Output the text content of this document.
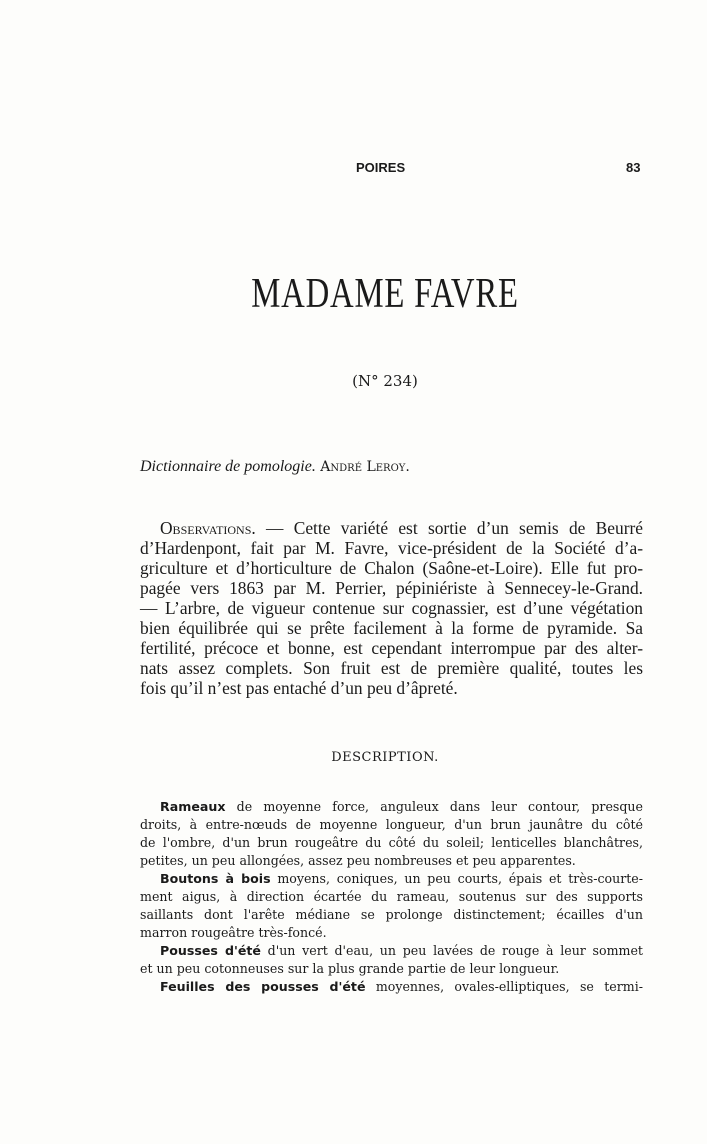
POIRES	83
MADAME FAVRE
(N° 234)
Dictionnaire de pomologie. André Leroy.
Observations. — Cette variété est sortie d’un semis de Beurré
d’Hardenpont, fait par M. Favre, vice-président de la Société d’a-
griculture et d’horticulture de Chalon (Saône-et-Loire). Elle fut pro-
pagée vers 1863 par M. Perrier, pépiniériste à Sennecey-le-Grand.
— L’arbre, de vigueur contenue sur cognassier, est d’une végétation
bien équilibrée qui se prête facilement à la forme de pyramide. Sa
fertilité, précoce et bonne, est cependant interrompue par des alter-
nats assez complets. Son fruit est de première qualité, toutes les
fois qu’il n’est pas entaché d’un peu d’âpreté.
DESCRIPTION.
Rameaux de moyenne force, anguleux dans leur contour, presque
droits, à entre-nœuds de moyenne longueur, d'un brun jaunâtre du côté
de l'ombre, d'un brun rougeâtre du côté du soleil; lenticelles blanchâtres,
petites, un peu allongées, assez peu nombreuses et peu apparentes.
Boutons à bois moyens, coniques, un peu courts, épais et très-courte-
ment aigus, à direction écartée du rameau, soutenus sur des supports
saillants dont l'arête médiane se prolonge distinctement; écailles d'un
marron rougeâtre très-foncé.
Pousses d'été d'un vert d'eau, un peu lavées de rouge à leur sommet
et un peu cotonneuses sur la plus grande partie de leur longueur.
Feuilles des pousses d'été moyennes, ovales-elliptiques, se termi-
